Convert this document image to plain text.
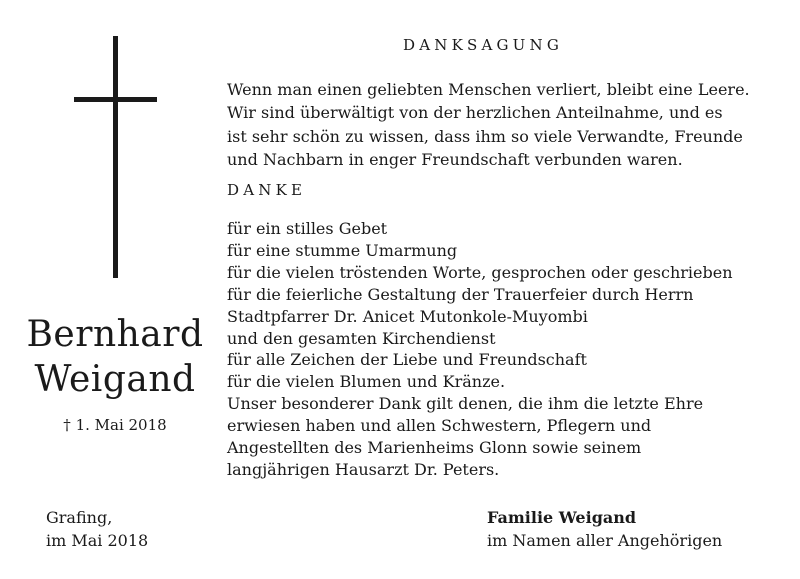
Bernhard
Weigand
† 1. Mai 2018
Grafing,
im Mai 2018
DANKSAGUNG
Wenn man einen geliebten Menschen verliert, bleibt eine Leere.
Wir sind überwältigt von der herzlichen Anteilnahme, und es
ist sehr schön zu wissen, dass ihm so viele Verwandte, Freunde
und Nachbarn in enger Freundschaft verbunden waren.
DANKE
für ein stilles Gebet
für eine stumme Umarmung
für die vielen tröstenden Worte, gesprochen oder geschrieben
für die feierliche Gestaltung der Trauerfeier durch Herrn
Stadtpfarrer Dr. Anicet Mutonkole-Muyombi
und den gesamten Kirchendienst
für alle Zeichen der Liebe und Freundschaft
für die vielen Blumen und Kränze.
Unser besonderer Dank gilt denen, die ihm die letzte Ehre
erwiesen haben und allen Schwestern, Pflegern und
Angestellten des Marienheims Glonn sowie seinem
langjährigen Hausarzt Dr. Peters.
Familie Weigand
im Namen aller Angehörigen
